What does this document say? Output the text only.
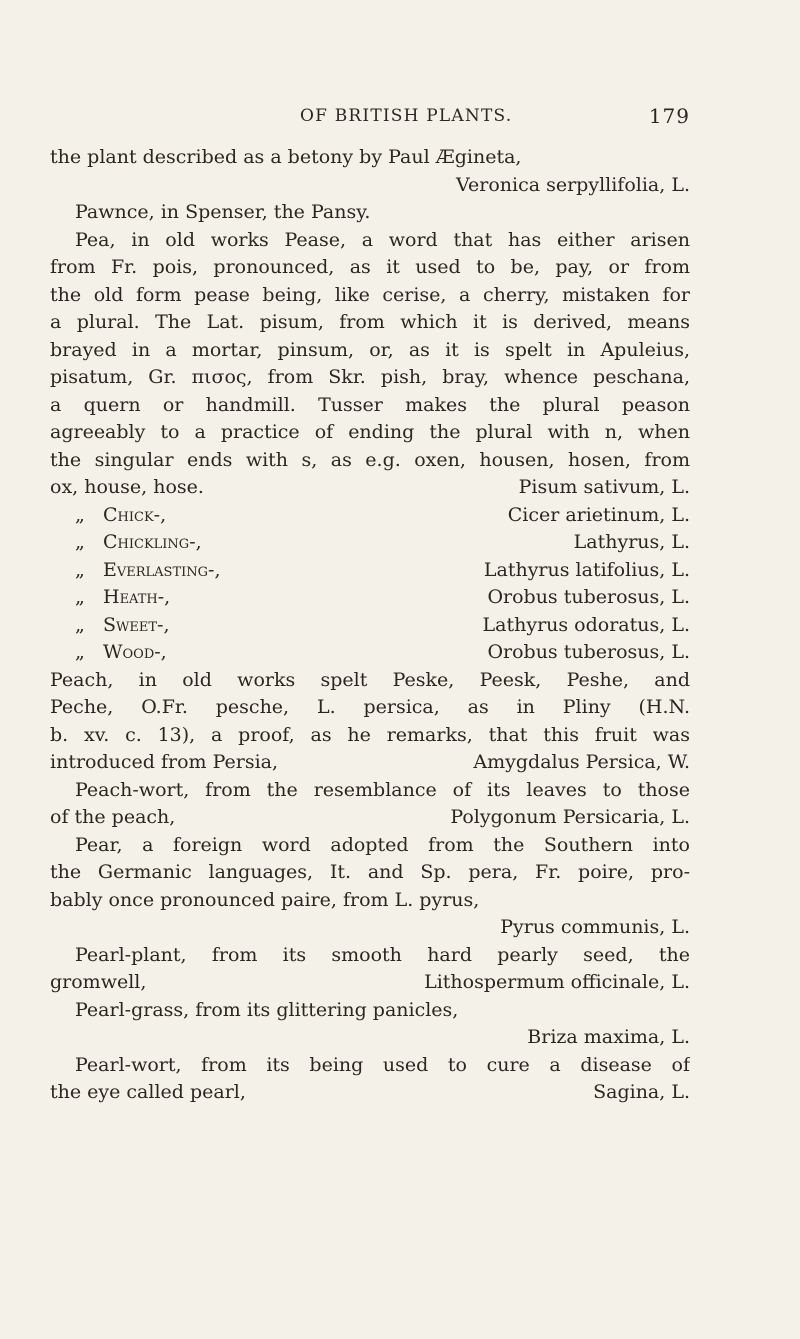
OF BRITISH PLANTS.	179
the plant described as a betony by Paul Ægineta,
Veronica serpyllifolia, L.
Pawnce, in Spenser, the Pansy.
Pea, in old works Pease, a word that has either arisen
from Fr. pois, pronounced, as it used to be, pay, or from
the old form pease being, like cerise, a cherry, mistaken for
a plural. The Lat. pisum, from which it is derived, means
brayed in a mortar, pinsum, or, as it is spelt in Apuleius,
pisatum, Gr. πισος, from Skr. pish, bray, whence peschana,
a quern or handmill. Tusser makes the plural peason
agreeably to a practice of ending the plural with n, when
the singular ends with s, as e.g. oxen, housen, hosen, from
ox, house, hose.	Pisum sativum, L.
„ Chick-,	Cicer arietinum, L.
„ Chickling-,	Lathyrus, L.
„ Everlasting-,	Lathyrus latifolius, L.
„ Heath-,	Orobus tuberosus, L.
„ Sweet-,	Lathyrus odoratus, L.
„ Wood-,	Orobus tuberosus, L.
Peach, in old works spelt Peske, Peesk, Peshe, and
Peche, O.Fr. pesche, L. persica, as in Pliny (H.N.
b. xv. c. 13), a proof, as he remarks, that this fruit was
introduced from Persia,	Amygdalus Persica, W.
Peach-wort, from the resemblance of its leaves to those
of the peach,	Polygonum Persicaria, L.
Pear, a foreign word adopted from the Southern into
the Germanic languages, It. and Sp. pera, Fr. poire, pro-
bably once pronounced paire, from L. pyrus,
Pyrus communis, L.
Pearl-plant, from its smooth hard pearly seed, the
gromwell,	Lithospermum officinale, L.
Pearl-grass, from its glittering panicles,
Briza maxima, L.
Pearl-wort, from its being used to cure a disease of
the eye called pearl,	Sagina, L.
